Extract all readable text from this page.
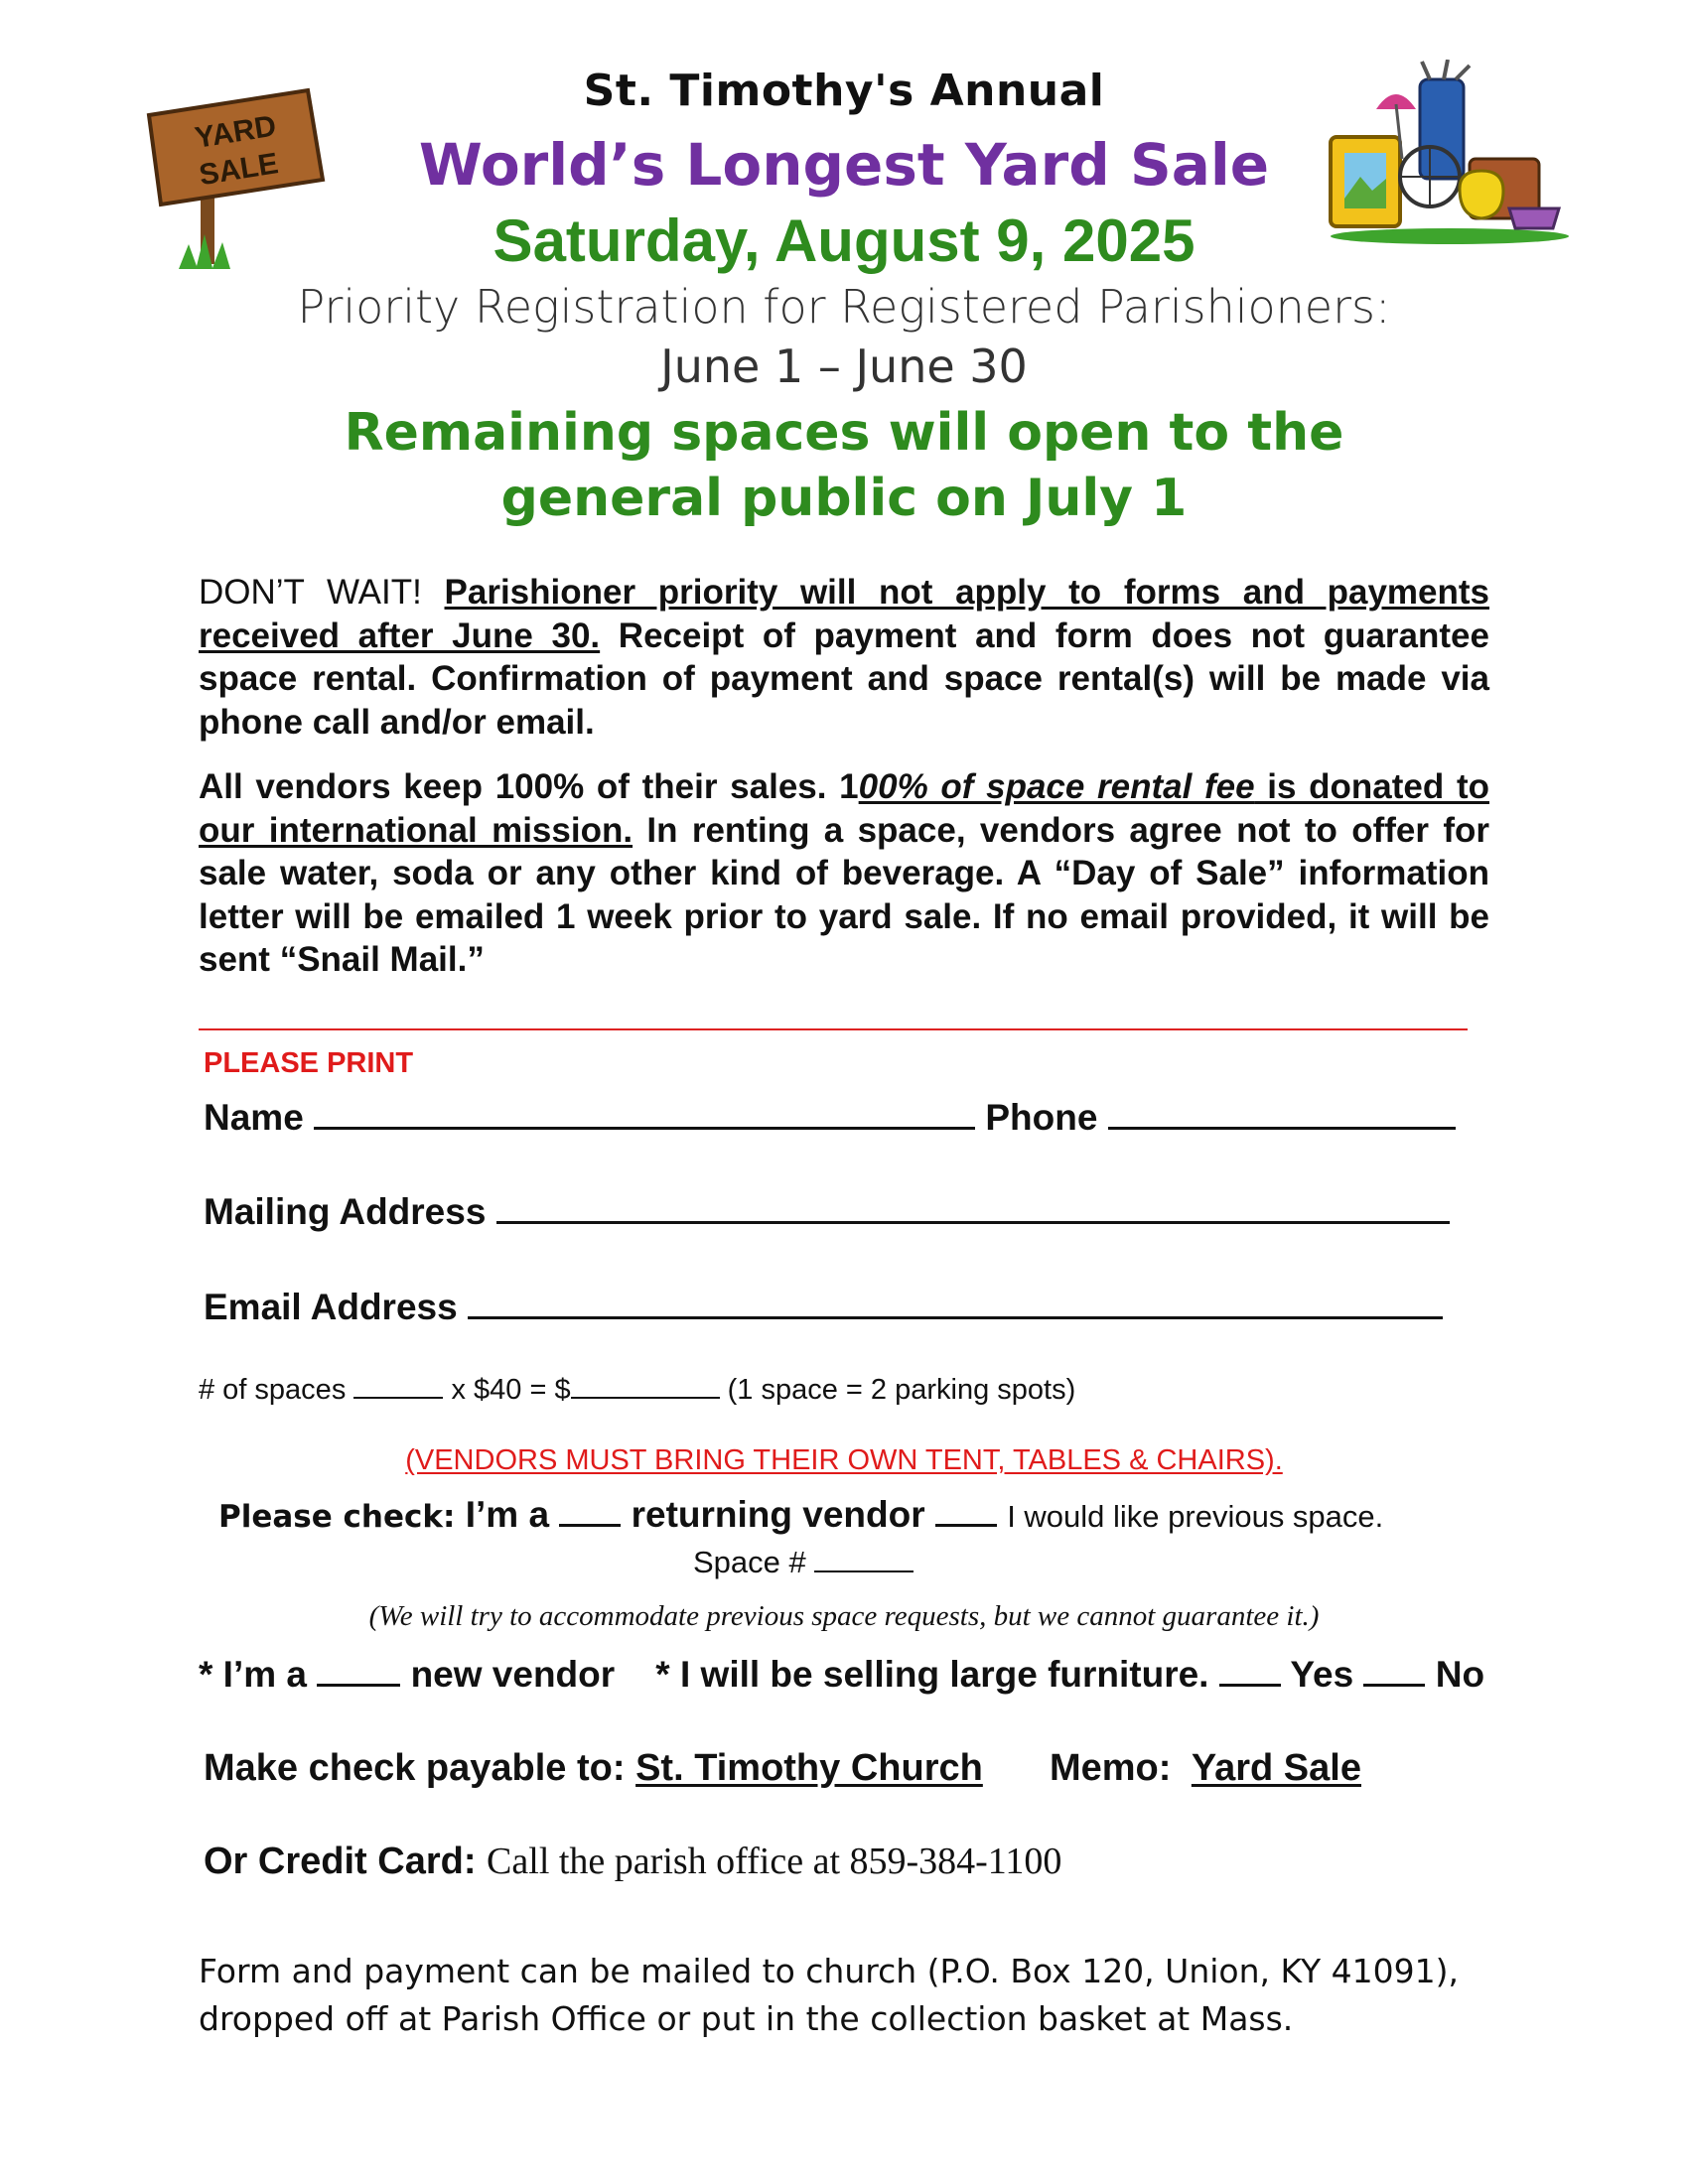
YARD
SALE
St. Timothy's Annual
World’s Longest Yard Sale
Saturday, August 9, 2025
Priority Registration for Registered Parishioners:
June 1 – June 30
Remaining spaces will open to the
general public on July 1
DON’T WAIT! Parishioner priority will not apply to forms and payments received after June 30. Receipt of payment and form does not guarantee space rental. Confirmation of payment and space rental(s) will be made via phone call and/or email.
All vendors keep 100% of their sales. 100% of space rental fee is donated to our international mission. In renting a space, vendors agree not to offer for sale water, soda or any other kind of beverage. A “Day of Sale” information letter will be emailed 1 week prior to yard sale. If no email provided, it will be sent “Snail Mail.”
PLEASE PRINT
Name	Phone
Mailing Address
Email Address
# of spaces	x $40 = $	(1 space = 2 parking spots)
(VENDORS MUST BRING THEIR OWN TENT, TABLES & CHAIRS).
Please check: I’m a returning vendor	I would like previous space.
Space #
(We will try to accommodate previous space requests, but we cannot guarantee it.)
* I’m a	new vendor * I will be selling large furniture. Yes No
Make check payable to: St. Timothy Church Memo: Yard Sale
Or Credit Card: Call the parish office at 859-384-1100
Form and payment can be mailed to church (P.O. Box 120, Union, KY 41091),
dropped off at Parish Office or put in the collection basket at Mass.
